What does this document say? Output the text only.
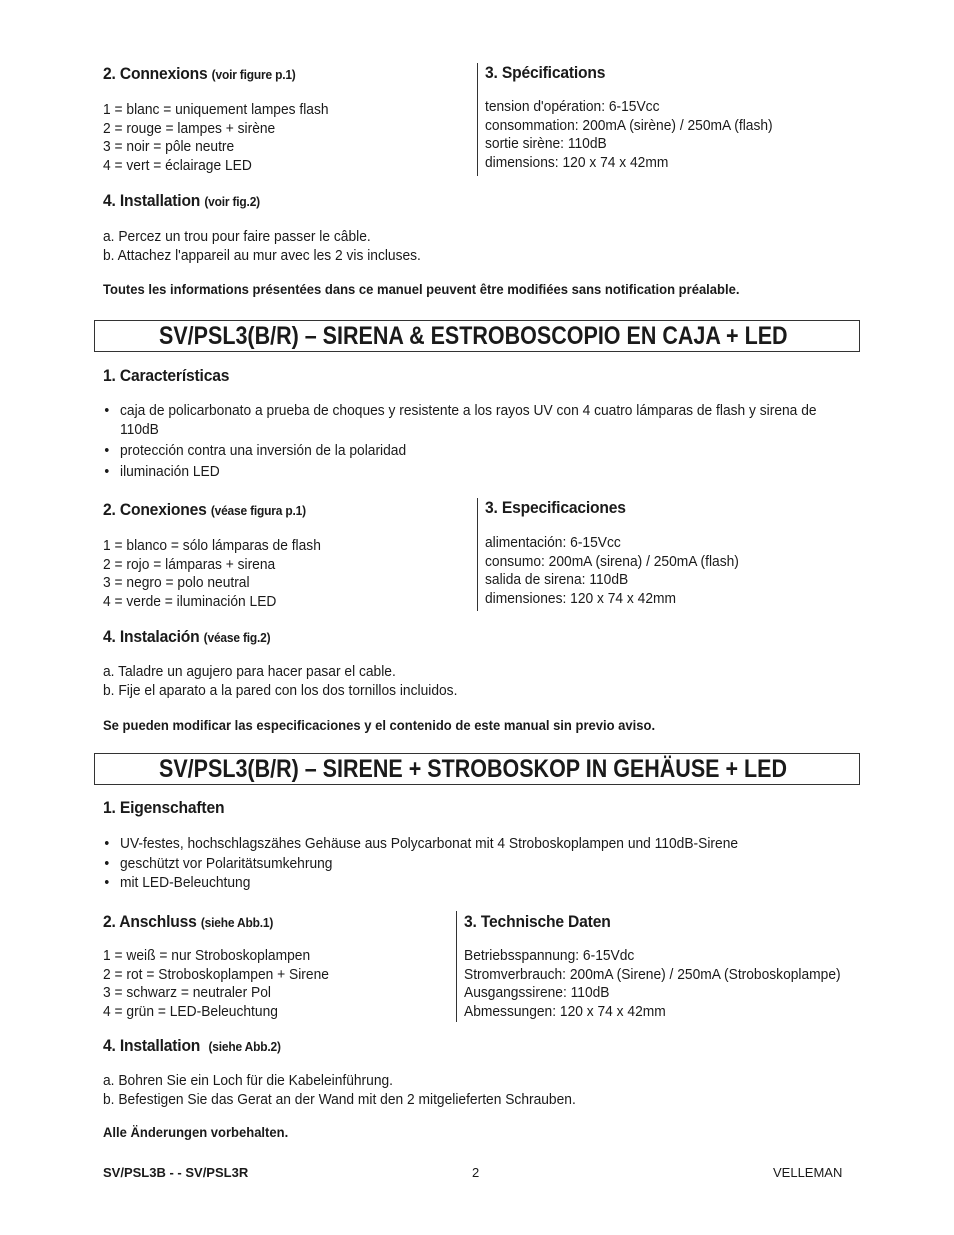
2. Connexions (voir figure p.1)
1 = blanc = uniquement lampes flash
2 = rouge = lampes + sirène
3 = noir = pôle neutre
4 = vert = éclairage LED
3. Spécifications
tension d'opération: 6-15Vcc
consommation: 200mA (sirène) / 250mA (flash)
sortie sirène: 110dB
dimensions: 120 x 74 x 42mm
4. Installation (voir fig.2)
a. Percez un trou pour faire passer le câble.
b. Attachez l'appareil au mur avec les 2 vis incluses.
Toutes les informations présentées dans ce manuel peuvent être modifiées sans notification préalable.
SV/PSL3(B/R) – SIRENA & ESTROBOSCOPIO EN CAJA + LED
1. Características
• caja de policarbonato a prueba de choques y resistente a los rayos UV con 4 cuatro lámparas de flash y sirena de
110dB
• protección contra una inversión de la polaridad
• iluminación LED
2. Conexiones (véase figura p.1)
1 = blanco = sólo lámparas de flash
2 = rojo = lámparas + sirena
3 = negro = polo neutral
4 = verde = iluminación LED
3. Especificaciones
alimentación: 6-15Vcc
consumo: 200mA (sirena) / 250mA (flash)
salida de sirena: 110dB
dimensiones: 120 x 74 x 42mm
4. Instalación (véase fig.2)
a. Taladre un agujero para hacer pasar el cable.
b. Fije el aparato a la pared con los dos tornillos incluidos.
Se pueden modificar las especificaciones y el contenido de este manual sin previo aviso.
SV/PSL3(B/R) – SIRENE + STROBOSKOP IN GEHÄUSE + LED
1. Eigenschaften
• UV-festes, hochschlagszähes Gehäuse aus Polycarbonat mit 4 Stroboskoplampen und 110dB-Sirene
• geschützt vor Polaritätsumkehrung
• mit LED-Beleuchtung
2. Anschluss (siehe Abb.1)
1 = weiß = nur Stroboskoplampen
2 = rot = Stroboskoplampen + Sirene
3 = schwarz = neutraler Pol
4 = grün = LED-Beleuchtung
3. Technische Daten
Betriebsspannung: 6-15Vdc
Stromverbrauch: 200mA (Sirene) / 250mA (Stroboskoplampe)
Ausgangssirene: 110dB
Abmessungen: 120 x 74 x 42mm
4. Installation (siehe Abb.2)
a. Bohren Sie ein Loch für die Kabeleinführung.
b. Befestigen Sie das Gerat an der Wand mit den 2 mitgelieferten Schrauben.
Alle Änderungen vorbehalten.
SV/PSL3B - - SV/PSL3R	2	VELLEMAN
